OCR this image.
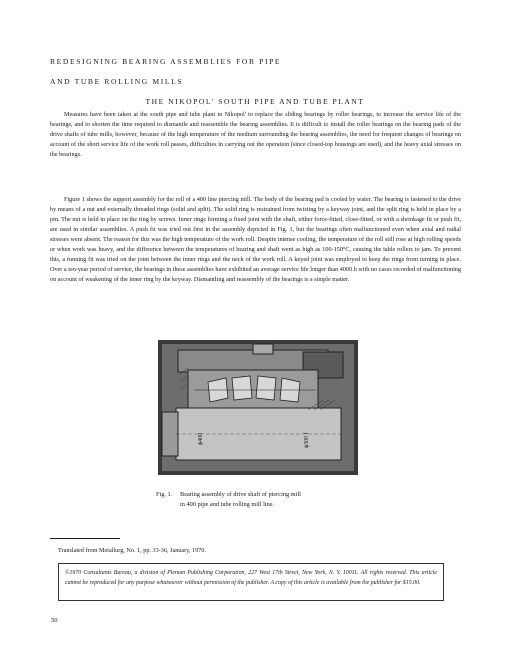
REDESIGNING BEARING ASSEMBLIES FOR PIPE
AND TUBE ROLLING MILLS
THE NIKOPOL' SOUTH PIPE AND TUBE PLANT

Measures have been taken at the south pipe and tube plant in Nikopol' to replace the sliding bearings by roller bearings, to increase the service life of the bearings, and to shorten the time required to dismantle and reassemble the bearing assemblies. It is difficult to install the roller bearings on the bearing pads of the drive shafts of tube mills, however, because of the high temperature of the medium surrounding the bearing assemblies, the need for frequent changes of bearings on account of the short service life of the work roll passes, difficulties in carrying out the operation (since closed-top housings are used), and the heavy axial stresses on the bearings.

Figure 1 shows the support assembly for the roll of a 400 line piercing mill. The body of the bearing pad is cooled by water. The bearing is fastened to the drive by means of a nut and externally threaded rings (solid and split). The solid ring is restrained from twisting by a keyway joint, and the split ring is held in place by a pin. The nut is held in place on the ring by screws. Inner rings forming a fixed joint with the shaft, either force-fitted, close-fitted, or with a shrinkage fit or push fit, are used in similar assemblies. A push fit was tried out first in the assembly depicted in Fig. 1, but the bearings often malfunctioned even when axial and radial stresses were absent. The reason for this was the high temperature of the work roll. Despite intense cooling, the temperature of the roll still rose at high rolling speeds or when work was heavy, and the difference between the temperatures of bearing and shaft went as high as 100-150°C, causing the table rollers to jam. To prevent this, a running fit was tried on the joint between the inner rings and the neck of the work roll. A keyed joint was employed to keep the rings from turning in place. Over a ten-year period of service, the bearings in these assemblies have exhibited an average service life longer than 4000 h with no cases recorded of malfunctioning on account of weakening of the inner ring by the keyway. Dismantling and reassembly of the bearings is a simple matter.

ϕ400	ϕ300 f
Fig. 1. Bearing assembly of drive shaft of piercing mill
in 400 pipe and tube rolling mill line.
Translated from Metallurg, No. 1, pp. 33-36, January, 1970.
©1970 Consultants Bureau, a division of Plenum Publishing Corporation, 227 West 17th Street, New York, N. Y. 10011. All rights reserved. This article cannot be reproduced for any purpose whatsoever without permission of the publisher. A copy of this article is available from the publisher for $15.00.
50
